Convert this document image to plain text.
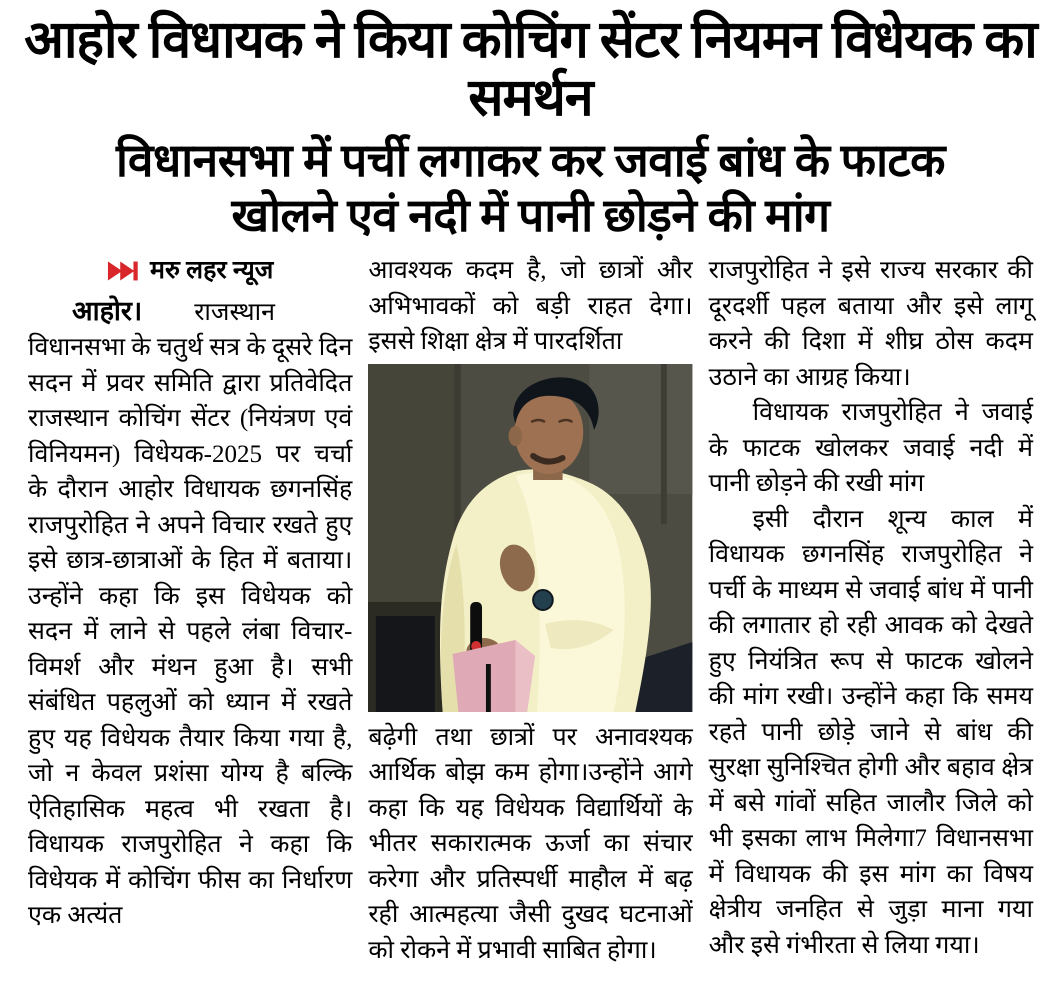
आहोर विधायक ने किया कोचिंग सेंटर नियमन विधेयक का समर्थन
विधानसभा में पर्ची लगाकर कर जवाई बांध के फाटक
खोलने एवं नदी में पानी छोड़ने की मांग
मरु लहर न्यूज

आहोर। राजस्थान विधानसभा के चतुर्थ सत्र के दूसरे दिन सदन में प्रवर समिति द्वारा प्रतिवेदित राजस्थान कोचिंग सेंटर (नियंत्रण एवं विनियमन) विधेयक-2025 पर चर्चा के दौरान आहोर विधायक छगनसिंह राजपुरोहित ने अपने विचार रखते हुए इसे छात्र-छात्राओं के हित में बताया।उन्होंने कहा कि इस विधेयक को सदन में लाने से पहले लंबा विचार-विमर्श और मंथन हुआ है। सभी संबंधित पहलुओं को ध्यान में रखते हुए यह विधेयक तैयार किया गया है, जो न केवल प्रशंसा योग्य है बल्कि ऐतिहासिक महत्व भी रखता है। विधायक राजपुरोहित ने कहा कि विधेयक में कोचिंग फीस का निर्धारण एक अत्यंत

आवश्यक कदम है, जो छात्रों और अभिभावकों को बड़ी राहत देगा। इससे शिक्षा क्षेत्र में पारदर्शिता

बढ़ेगी तथा छात्रों पर अनावश्यक आर्थिक बोझ कम होगा।उन्होंने आगे कहा कि यह विधेयक विद्यार्थियों के भीतर सकारात्मक ऊर्जा का संचार करेगा और प्रतिस्पर्धी माहौल में बढ़ रही आत्महत्या जैसी दुखद घटनाओं को रोकने में प्रभावी साबित होगा।

राजपुरोहित ने इसे राज्य सरकार की दूरदर्शी पहल बताया और इसे लागू करने की दिशा में शीघ्र ठोस कदम उठाने का आग्रह किया।

विधायक राजपुरोहित ने जवाई के फाटक खोलकर जवाई नदी में पानी छोड़ने की रखी मांग

इसी दौरान शून्य काल में विधायक छगनसिंह राजपुरोहित ने पर्ची के माध्यम से जवाई बांध में पानी की लगातार हो रही आवक को देखते हुए नियंत्रित रूप से फाटक खोलने की मांग रखी। उन्होंने कहा कि समय रहते पानी छोड़े जाने से बांध की सुरक्षा सुनिश्चित होगी और बहाव क्षेत्र में बसे गांवों सहित जालौर जिले को भी इसका लाभ मिलेगा7 विधानसभा में विधायक की इस मांग का विषय क्षेत्रीय जनहित से जुड़ा माना गया और इसे गंभीरता से लिया गया।
